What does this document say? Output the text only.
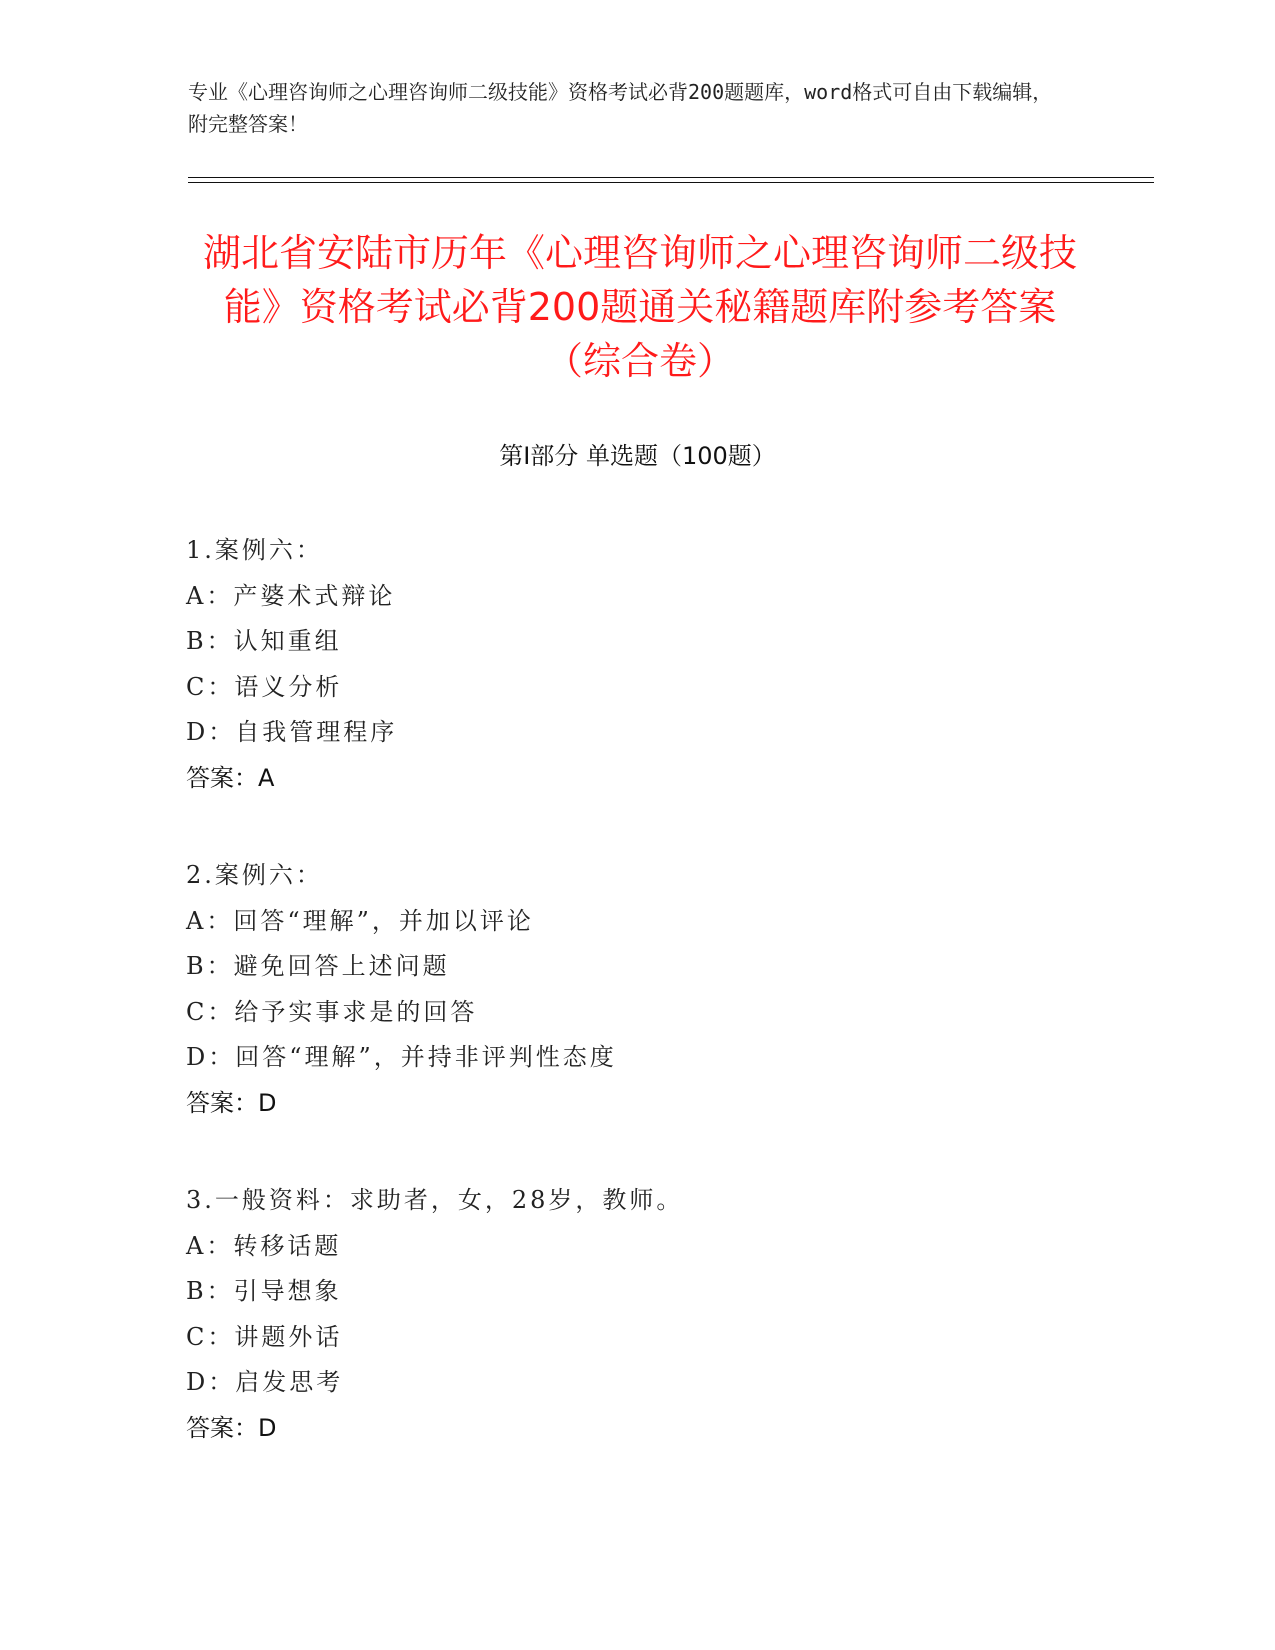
专业《心理咨询师之心理咨询师二级技能》资格考试必背200题题库，word格式可自由下载编辑，附完整答案！
湖北省安陆市历年《心理咨询师之心理咨询师二级技能》资格考试必背200题通关秘籍题库附参考答案（综合卷）
第I部分 单选题（100题）
1.案例六：
A：产婆术式辩论
B：认知重组
C：语义分析
D：自我管理程序
答案：A
2.案例六：
A：回答“理解”，并加以评论
B：避免回答上述问题
C：给予实事求是的回答
D：回答“理解”，并持非评判性态度
答案：D
3.一般资料：求助者，女，28岁，教师。
A：转移话题
B：引导想象
C：讲题外话
D：启发思考
答案：D
